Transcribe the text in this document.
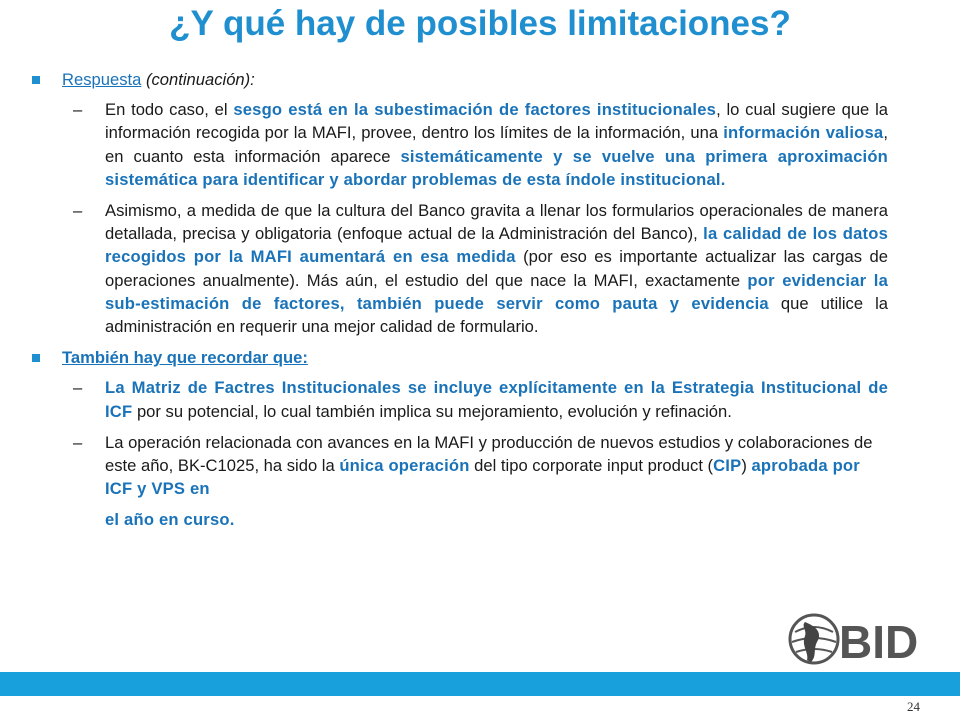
¿Y qué hay de posibles limitaciones?
Respuesta (continuación):
–	En todo caso, el sesgo está en la subestimación de factores institucionales, lo cual sugiere que la información recogida por la MAFI, provee, dentro los límites de la información, una información valiosa, en cuanto esta información aparece sistemáticamente y se vuelve una primera aproximación sistemática para identificar y abordar problemas de esta índole institucional.
–	Asimismo, a medida de que la cultura del Banco gravita a llenar los formularios operacionales de manera detallada, precisa y obligatoria (enfoque actual de la Administración del Banco), la calidad de los datos recogidos por la MAFI aumentará en esa medida (por eso es importante actualizar las cargas de operaciones anualmente). Más aún, el estudio del que nace la MAFI, exactamente por evidenciar la sub-estimación de factores, también puede servir como pauta y evidencia que utilice la administración en requerir una mejor calidad de formulario.
También hay que recordar que:
–	La Matriz de Factres Institucionales se incluye explícitamente en la Estrategia Institucional de ICF por su potencial, lo cual también implica su mejoramiento, evolución y refinación.
–	La operación relacionada con avances en la MAFI y producción de nuevos estudios y colaboraciones de este año, BK-C1025, ha sido la única operación del tipo corporate input product (CIP) aprobada por ICF y VPS en
el año en curso.
BID
24
